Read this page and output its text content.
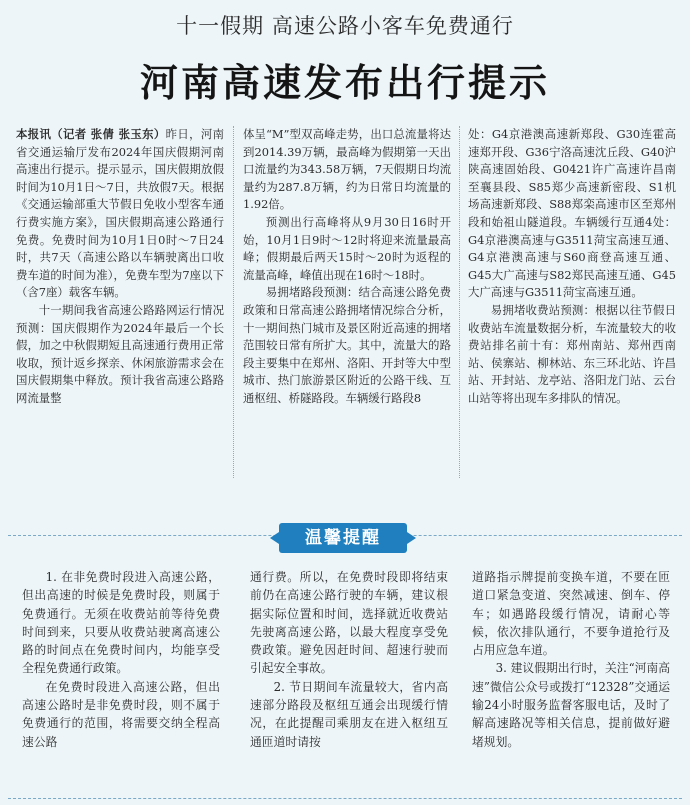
十一假期 高速公路小客车免费通行
河南高速发布出行提示

本报讯（记者 张倩 张玉东）昨日，河南省交通运输厅发布2024年国庆假期河南高速出行提示。提示显示，国庆假期放假时间为10月1日～7日，共放假7天。根据《交通运输部重大节假日免收小型客车通行费实施方案》，国庆假期高速公路通行免费。免费时间为10月1日0时～7日24时，共7天（高速公路以车辆驶离出口收费车道的时间为准），免费车型为7座以下（含7座）载客车辆。

十一期间我省高速公路路网运行情况预测：国庆假期作为2024年最后一个长假，加之中秋假期短且高速通行费用正常收取，预计返乡探亲、休闲旅游需求会在国庆假期集中释放。预计我省高速公路路网流量整

体呈“M”型双高峰走势，出口总流量将达到2014.39万辆，最高峰为假期第一天出口流量约为343.58万辆，7天假期日均流量约为287.8万辆，约为日常日均流量的1.92倍。

预测出行高峰将从9月30日16时开始，10月1日9时～12时将迎来流量最高峰；假期最后两天15时～20时为返程的流量高峰，峰值出现在16时～18时。

易拥堵路段预测：结合高速公路免费政策和日常高速公路拥堵情况综合分析，十一期间热门城市及景区附近高速的拥堵范围较日常有所扩大。其中，流量大的路段主要集中在郑州、洛阳、开封等大中型城市、热门旅游景区附近的公路干线、互通枢纽、桥隧路段。车辆缓行路段8

处：G4京港澳高速新郑段、G30连霍高速郑开段、G36宁洛高速沈丘段、G40沪陕高速固始段、G0421许广高速许昌南至襄县段、S85郑少高速新密段、S1机场高速新郑段、S88郑栾高速市区至郑州段和始祖山隧道段。车辆缓行互通4处：G4京港澳高速与G3511菏宝高速互通、G4京港澳高速与S60商登高速互通、G45大广高速与S82郑民高速互通、G45大广高速与G3511菏宝高速互通。

易拥堵收费站预测：根据以往节假日收费站车流量数据分析，车流量较大的收费站排名前十有：郑州南站、郑州西南站、侯寨站、柳林站、东三环北站、许昌站、开封站、龙亭站、洛阳龙门站、云台山站等将出现车多排队的情况。

温馨提醒

1. 在非免费时段进入高速公路，但出高速的时候是免费时段，则属于免费通行。无须在收费站前等待免费时间到来，只要从收费站驶离高速公路的时间点在免费时间内，均能享受全程免费通行政策。

在免费时段进入高速公路，但出高速公路时是非免费时段，则不属于免费通行的范围，将需要交纳全程高速公路

通行费。所以，在免费时段即将结束前仍在高速公路行驶的车辆，建议根据实际位置和时间，选择就近收费站先驶离高速公路，以最大程度享受免费政策。避免因赶时间、超速行驶而引起安全事故。

2. 节日期间车流量较大，省内高速部分路段及枢纽互通会出现缓行情况，在此提醒司乘朋友在进入枢纽互通匝道时请按

道路指示牌提前变换车道，不要在匝道口紧急变道、突然减速、倒车、停车；如遇路段缓行情况，请耐心等候，依次排队通行，不要争道抢行及占用应急车道。

3. 建议假期出行时，关注“河南高速”微信公众号或拨打“12328”交通运输24小时服务监督客服电话，及时了解高速路况等相关信息，提前做好避堵规划。
